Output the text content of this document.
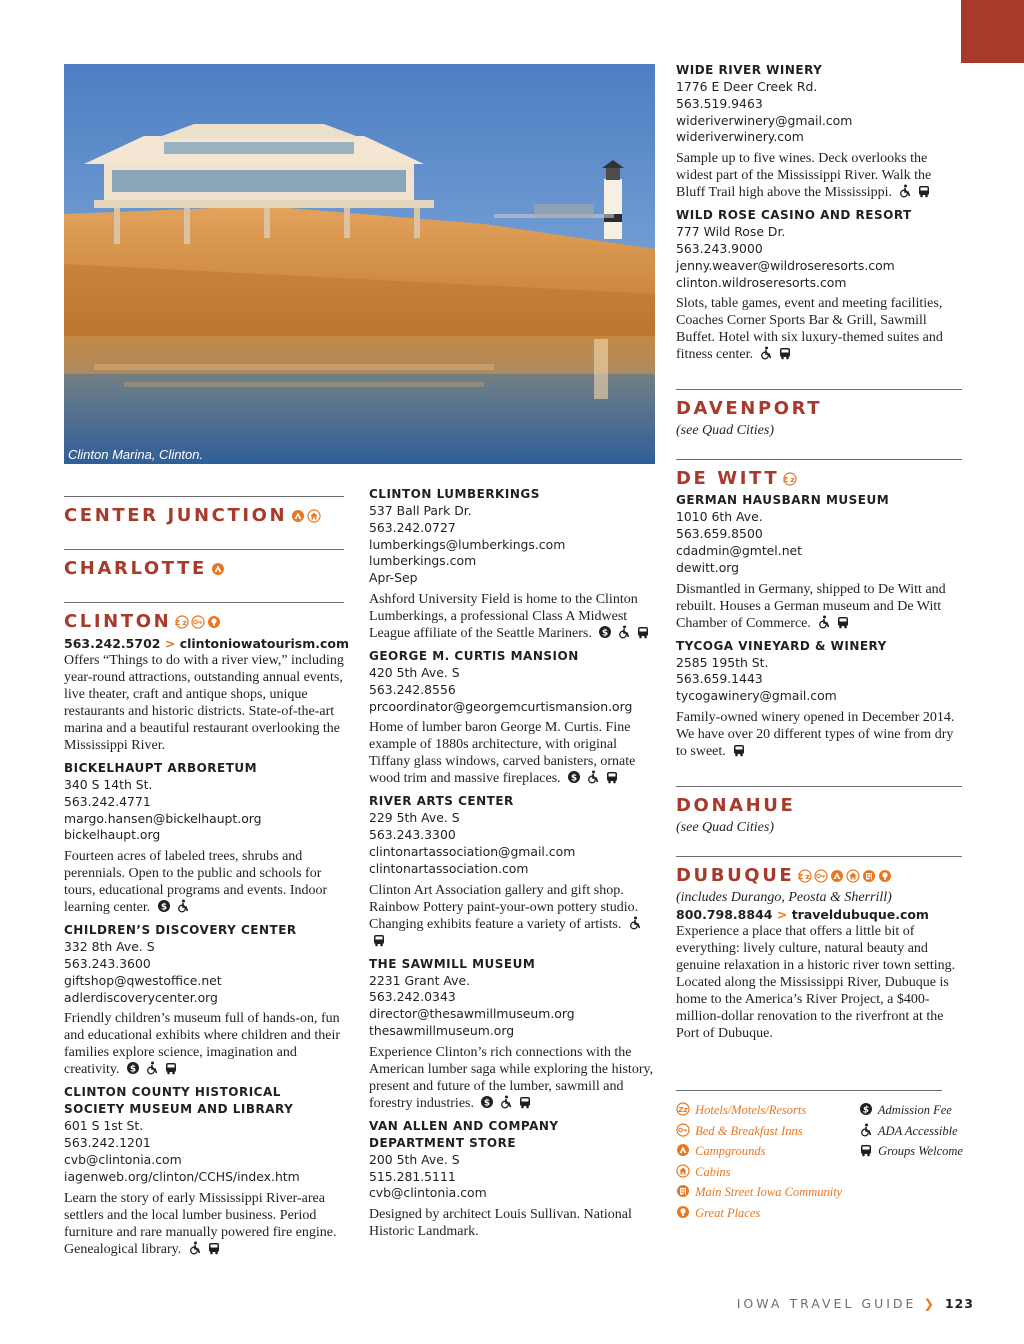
Clinton Marina, Clinton.
CENTER JUNCTION
CHARLOTTE
CLINTON Zz
563.242.5702 > clintoniowatourism.com
Offers “Things to do with a river view,” including year-round attractions, outstanding annual events, live theater, craft and antique shops, unique restaurants and historic districts. State-of-the-art marina and a beautiful restaurant overlooking the Mississippi River.
BICKELHAUPT ARBORETUM
340 S 14th St.
563.242.4771
margo.hansen@bickelhaupt.org
bickelhaupt.org
Fourteen acres of labeled trees, shrubs and perennials. Open to the public and schools for tours, educational programs and events. Indoor learning center. $
CHILDREN’S DISCOVERY CENTER
332 8th Ave. S
563.243.3600
giftshop@qwestoffice.net
adlerdiscoverycenter.org
Friendly children’s museum full of hands-on, fun and educational exhibits where children and their families explore science, imagination and creativity. $
CLINTON COUNTY HISTORICAL SOCIETY MUSEUM AND LIBRARY
601 S 1st St.
563.242.1201
cvb@clintonia.com
iagenweb.org/clinton/CCHS/index.htm
Learn the story of early Mississippi River-area settlers and the local lumber business. Period furniture and rare manually powered fire engine. Genealogical library.
CLINTON LUMBERKINGS
537 Ball Park Dr.
563.242.0727
lumberkings@lumberkings.com
lumberkings.com
Apr-Sep
Ashford University Field is home to the Clinton Lumberkings, a professional Class A Midwest League affiliate of the Seattle Mariners. $
GEORGE M. CURTIS MANSION
420 5th Ave. S
563.242.8556
prcoordinator@georgemcurtismansion.org
Home of lumber baron George M. Curtis. Fine example of 1880s architecture, with original Tiffany glass windows, carved banisters, ornate wood trim and massive fireplaces. $
RIVER ARTS CENTER
229 5th Ave. S
563.243.3300
clintonartassociation@gmail.com
clintonartassociation.com
Clinton Art Association gallery and gift shop. Rainbow Pottery paint-your-own pottery studio. Changing exhibits feature a variety of artists.
THE SAWMILL MUSEUM
2231 Grant Ave.
563.242.0343
director@thesawmillmuseum.org
thesawmillmuseum.org
Experience Clinton’s rich connections with the American lumber saga while exploring the history, present and future of the lumber, sawmill and forestry industries. $
VAN ALLEN AND COMPANY DEPARTMENT STORE
200 5th Ave. S
515.281.5111
cvb@clintonia.com
Designed by architect Louis Sullivan. National Historic Landmark.
WIDE RIVER WINERY
1776 E Deer Creek Rd.
563.519.9463
wideriverwinery@gmail.com
wideriverwinery.com
Sample up to five wines. Deck overlooks the widest part of the Mississippi River. Walk the Bluff Trail high above the Mississippi.
WILD ROSE CASINO AND RESORT
777 Wild Rose Dr.
563.243.9000
jenny.weaver@wildroseresorts.com
clinton.wildroseresorts.com
Slots, table games, event and meeting facilities, Coaches Corner Sports Bar & Grill, Sawmill Buffet. Hotel with six luxury-themed suites and fitness center.
DAVENPORT
(see Quad Cities)
DE WITT Zz
GERMAN HAUSBARN MUSEUM
1010 6th Ave.
563.659.8500
cdadmin@gmtel.net
dewitt.org
Dismantled in Germany, shipped to De Witt and rebuilt. Houses a German museum and De Witt Chamber of Commerce.
TYCOGA VINEYARD & WINERY
2585 195th St.
563.659.1443
tycogawinery@gmail.com
Family-owned winery opened in December 2014. We have over 20 different types of wine from dry to sweet.
DONAHUE
(see Quad Cities)
DUBUQUE Zz
(includes Durango, Peosta & Sherrill)
800.798.8844 > traveldubuque.com
Experience a place that offers a little bit of everything: lively culture, natural beauty and genuine relaxation in a historic river town setting. Located along the Mississippi River, Dubuque is home to the America’s River Project, a $400-million-dollar renovation to the riverfront at the Port of Dubuque.
Zz Hotels/Motels/Resorts
Bed & Breakfast Inns
Campgrounds
Cabins
Main Street Iowa Community
Great Places
$ Admission Fee
ADA Accessible
Groups Welcome
IOWA TRAVEL GUIDE ❯ 123
